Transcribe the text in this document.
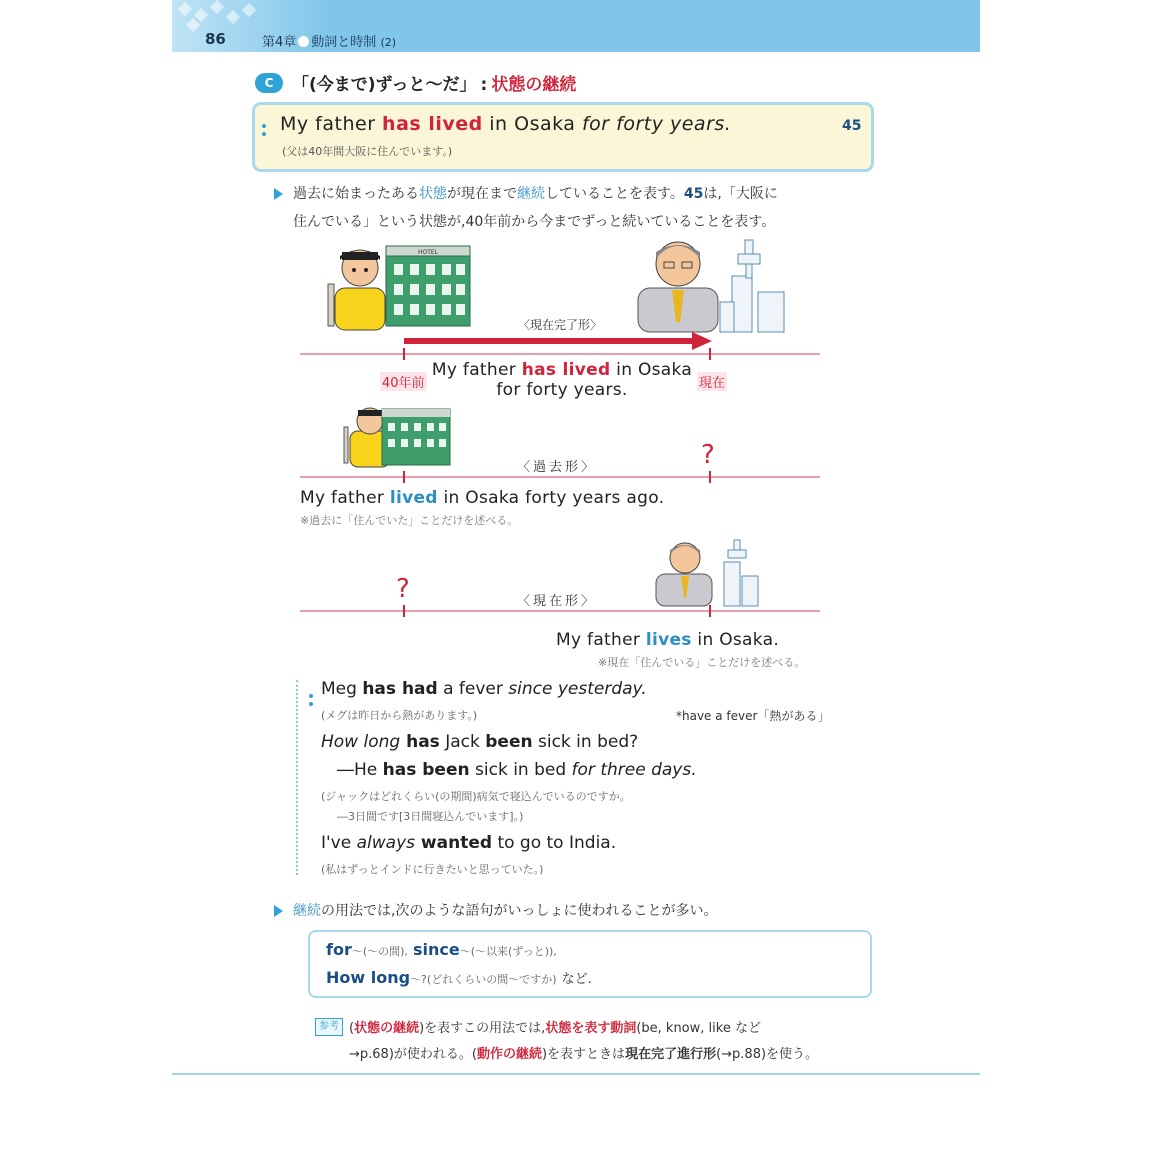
86	第4章 動詞と時制 (2)
C	「(今まで)ずっと〜だ」 : 状態の継続
My father has lived in Osaka for forty years.
(父は40年間大阪に住んでいます。)
45
過去に始まったある状態が現在まで継続していることを表す。45は,「大阪に
住んでいる」という状態が,40年前から今までずっと続いていることを表す。
HOTEL
〈現在完了形〉
40年前	現在
My father has lived in Osaka
for forty years.
〈過去形〉	?
My father lived in Osaka forty years ago.
※過去に「住んでいた」ことだけを述べる。
?	〈現在形〉
My father lives in Osaka.
※現在「住んでいる」ことだけを述べる。
Meg has had a fever since yesterday.
(メグは昨日から熱があります。)	*have a fever「熱がある」
How long has Jack been sick in bed?
―He has been sick in bed for three days.
(ジャックはどれくらい(の期間)病気で寝込んでいるのですか。
―3日間です[3日間寝込んでいます]。)
I've always wanted to go to India.
(私はずっとインドに行きたいと思っていた。)
継続の用法では,次のような語句がいっしょに使われることが多い。
for〜(〜の間), since〜(〜以来(ずっと)),
How long〜?(どれくらいの間〜ですか) など.
参考 (状態の継続)を表すこの用法では,状態を表す動詞(be, know, like など
→p.68)が使われる。(動作の継続)を表すときは現在完了進行形(→p.88)を使う。
